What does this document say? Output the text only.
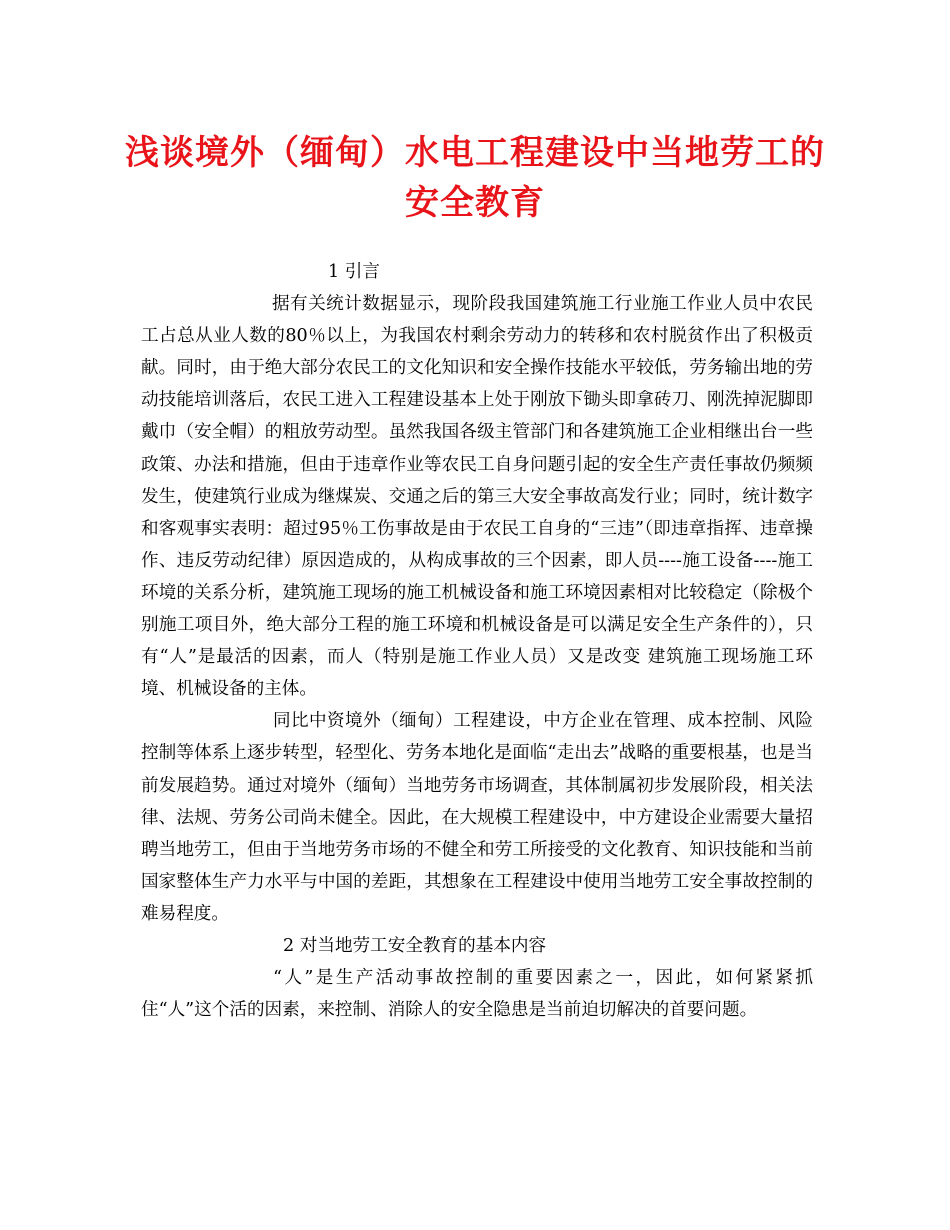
浅谈境外（缅甸）水电工程建设中当地劳工的安全教育
1 引言

据有关统计数据显示，现阶段我国建筑施工行业施工作业人员中农民工占总从业人数的80％以上，为我国农村剩余劳动力的转移和农村脱贫作出了积极贡献。同时，由于绝大部分农民工的文化知识和安全操作技能水平较低，劳务输出地的劳动技能培训落后，农民工进入工程建设基本上处于刚放下锄头即拿砖刀、刚洗掉泥脚即戴巾（安全帽）的粗放劳动型。虽然我国各级主管部门和各建筑施工企业相继出台一些政策、办法和措施，但由于违章作业等农民工自身问题引起的安全生产责任事故仍频频发生，使建筑行业成为继煤炭、交通之后的第三大安全事故高发行业；同时，统计数字和客观事实表明：超过95％工伤事故是由于农民工自身的“三违”（即违章指挥、违章操作、违反劳动纪律）原因造成的，从构成事故的三个因素，即人员----施工设备----施工环境的关系分析，建筑施工现场的施工机械设备和施工环境因素相对比较稳定（除极个别施工项目外，绝大部分工程的施工环境和机械设备是可以满足安全生产条件的），只有“人”是最活的因素，而人（特别是施工作业人员）又是改变 建筑施工现场施工环境、机械设备的主体。

同比中资境外（缅甸）工程建设，中方企业在管理、成本控制、风险控制等体系上逐步转型，轻型化、劳务本地化是面临“走出去”战略的重要根基，也是当前发展趋势。通过对境外（缅甸）当地劳务市场调查，其体制属初步发展阶段，相关法律、法规、劳务公司尚未健全。因此，在大规模工程建设中，中方建设企业需要大量招聘当地劳工，但由于当地劳务市场的不健全和劳工所接受的文化教育、知识技能和当前国家整体生产力水平与中国的差距，其想象在工程建设中使用当地劳工安全事故控制的难易程度。

2 对当地劳工安全教育的基本内容

“人”是生产活动事故控制的重要因素之一，因此，如何紧紧抓住“人”这个活的因素，来控制、消除人的安全隐患是当前迫切解决的首要问题。
